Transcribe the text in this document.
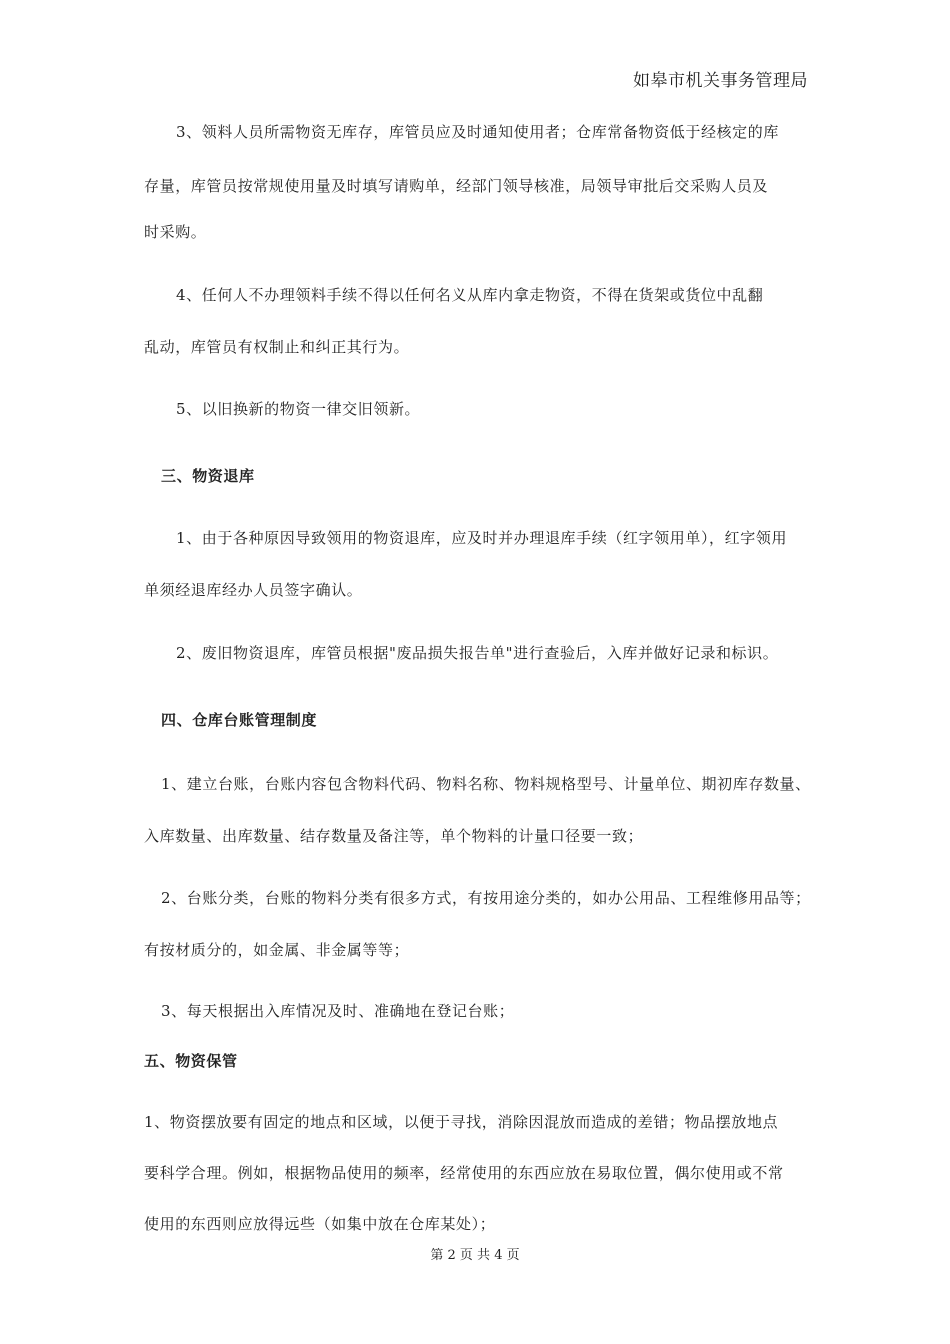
如皋市机关事务管理局
3、领料人员所需物资无库存，库管员应及时通知使用者；仓库常备物资低于经核定的库
存量，库管员按常规使用量及时填写请购单，经部门领导核准，局领导审批后交采购人员及
时采购。
4、任何人不办理领料手续不得以任何名义从库内拿走物资，不得在货架或货位中乱翻
乱动，库管员有权制止和纠正其行为。
5、以旧换新的物资一律交旧领新。
三、物资退库
1、由于各种原因导致领用的物资退库，应及时并办理退库手续（红字领用单），红字领用
单须经退库经办人员签字确认。
2、废旧物资退库，库管员根据"废品损失报告单"进行查验后，入库并做好记录和标识。
四、仓库台账管理制度
1、建立台账，台账内容包含物料代码、物料名称、物料规格型号、计量单位、期初库存数量、
入库数量、出库数量、结存数量及备注等，单个物料的计量口径要一致；
2、台账分类，台账的物料分类有很多方式，有按用途分类的，如办公用品、工程维修用品等；
有按材质分的，如金属、非金属等等；
3、每天根据出入库情况及时、准确地在登记台账；
五、物资保管
1、物资摆放要有固定的地点和区域，以便于寻找，消除因混放而造成的差错；物品摆放地点
要科学合理。例如，根据物品使用的频率，经常使用的东西应放在易取位置，偶尔使用或不常
使用的东西则应放得远些（如集中放在仓库某处）；
第 2 页 共 4 页
